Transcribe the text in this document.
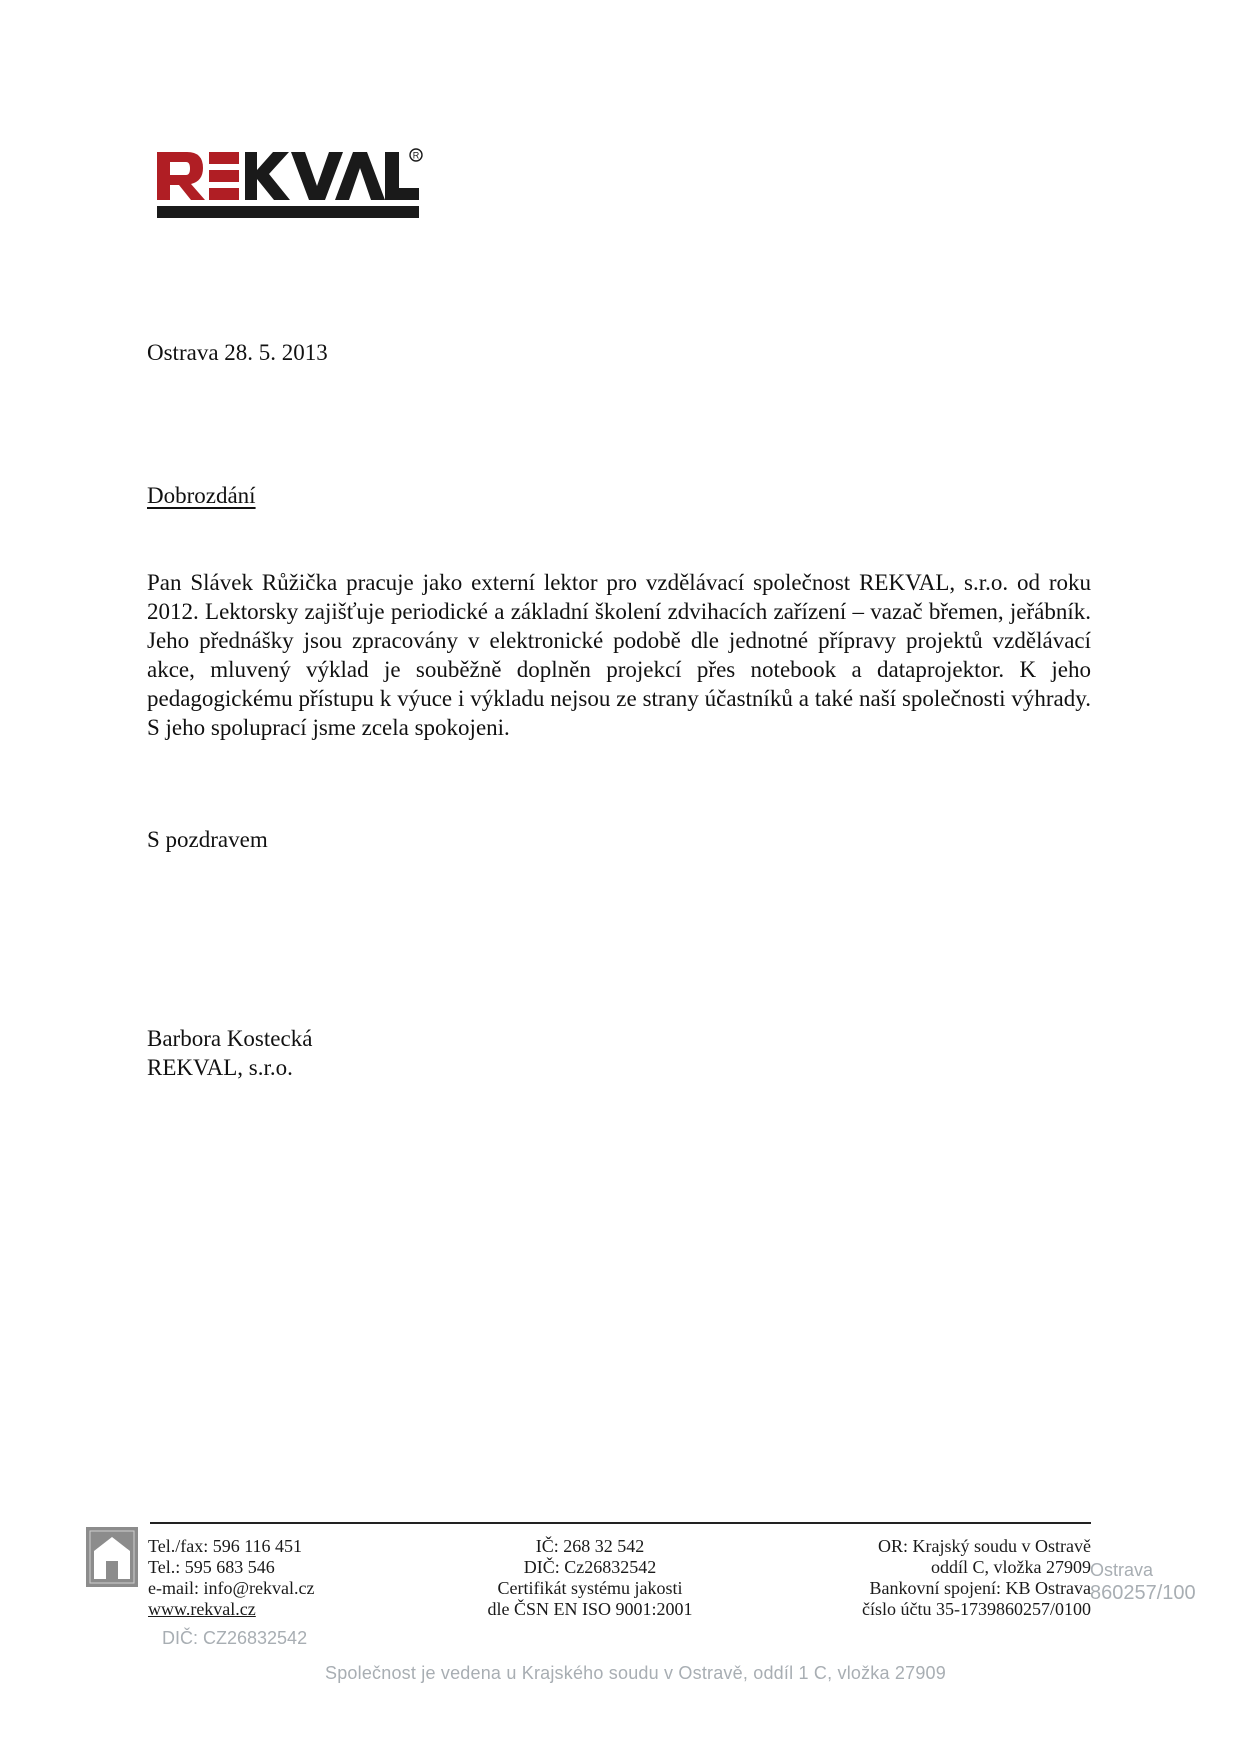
R
Ostrava 28. 5. 2013
Dobrozdání
Pan Slávek Růžička pracuje jako externí lektor pro vzdělávací společnost REKVAL, s.r.o. od roku 2012. Lektorsky zajišťuje periodické a základní školení zdvihacích zařízení – vazač břemen, jeřábník. Jeho přednášky jsou zpracovány v elektronické podobě dle jednotné přípravy projektů vzdělávací akce, mluvený výklad je souběžně doplněn projekcí přes notebook a dataprojektor. K jeho pedagogickému přístupu k výuce i výkladu nejsou ze strany účastníků a také naší společnosti výhrady. S jeho spoluprací jsme zcela spokojeni.
S pozdravem
Barbora Kostecká
REKVAL, s.r.o.
Tel./fax: 596 116 451
Tel.: 595 683 546
e-mail: info@rekval.cz
www.rekval.cz
IČ: 268 32 542
DIČ: Cz26832542
Certifikát systému jakosti
dle ČSN EN ISO 9001:2001
OR: Krajský soudu v Ostravě
oddíl C, vložka 27909
Bankovní spojení: KB Ostrava
číslo účtu 35-1739860257/0100
Ostrava
860257/100
DIČ: CZ26832542
Společnost je vedena u Krajského soudu v Ostravě, oddíl 1 C, vložka 27909
